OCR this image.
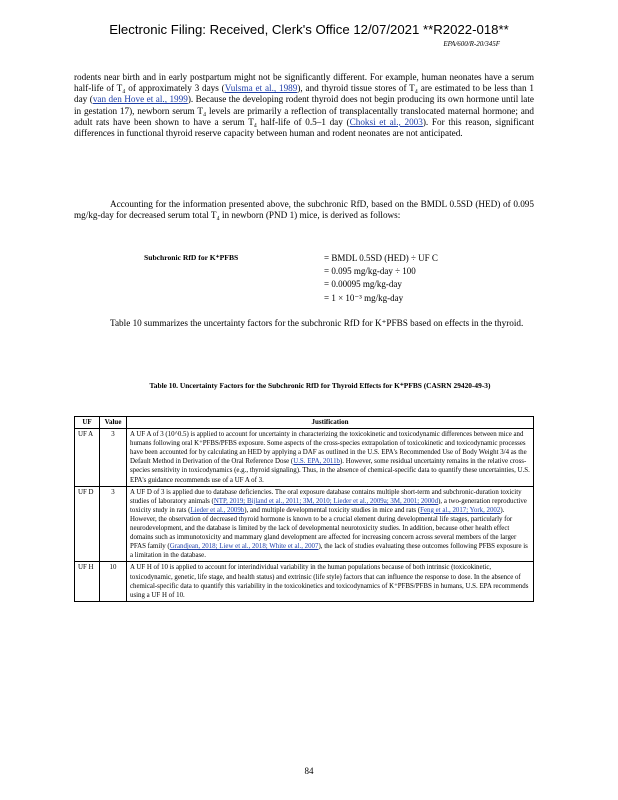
Electronic Filing: Received, Clerk's Office 12/07/2021 **R2022-018**
EPA/600/R-20/345F
rodents near birth and in early postpartum might not be significantly different. For example, human neonates have a serum half-life of T₄ of approximately 3 days (Vulsma et al., 1989), and thyroid tissue stores of T₄ are estimated to be less than 1 day (van den Hove et al., 1999). Because the developing rodent thyroid does not begin producing its own hormone until late in gestation 17), newborn serum T₄ levels are primarily a reflection of transplacentally translocated maternal hormone; and adult rats have been shown to have a serum T₄ half-life of 0.5–1 day (Choksi et al., 2003). For this reason, significant differences in functional thyroid reserve capacity between human and rodent neonates are not anticipated.
Accounting for the information presented above, the subchronic RfD, based on the BMDL 0.5SD (HED) of 0.095 mg/kg-day for decreased serum total T₄ in newborn (PND 1) mice, is derived as follows:
Subchronic RfD for K⁺PFBS	= BMDL 0.5SD (HED) ÷ UF C
= 0.095 mg/kg-day ÷ 100
= 0.00095 mg/kg-day
= 1 × 10⁻³ mg/kg-day
Table 10 summarizes the uncertainty factors for the subchronic RfD for K⁺PFBS based on effects in the thyroid.
Table 10. Uncertainty Factors for the Subchronic RfD for Thyroid Effects for K⁺PFBS (CASRN 29420-49-3)
UF	Value	Justification
UF A	3	A UF A of 3 (10^0.5) is applied to account for uncertainty in characterizing the toxicokinetic and toxicodynamic differences between mice and humans following oral K⁺PFBS/PFBS exposure. Some aspects of the cross-species extrapolation of toxicokinetic and toxicodynamic processes have been accounted for by calculating an HED by applying a DAF as outlined in the U.S. EPA's Recommended Use of Body Weight 3/4 as the Default Method in Derivation of the Oral Reference Dose (U.S. EPA, 2011b). However, some residual uncertainty remains in the relative cross-species sensitivity in toxicodynamics (e.g., thyroid signaling). Thus, in the absence of chemical-specific data to quantify these uncertainties, U.S. EPA's guidance recommends use of a UF A of 3.
UF D	3	A UF D of 3 is applied due to database deficiencies. The oral exposure database contains multiple short-term and subchronic-duration toxicity studies of laboratory animals (NTP, 2019; Bijland et al., 2011; 3M, 2010; Lieder et al., 2009a; 3M, 2001; 2000d), a two-generation reproductive toxicity study in rats (Lieder et al., 2009b), and multiple developmental toxicity studies in mice and rats (Feng et al., 2017; York, 2002). However, the observation of decreased thyroid hormone is known to be a crucial element during developmental life stages, particularly for neurodevelopment, and the database is limited by the lack of developmental neurotoxicity studies. In addition, because other health effect domains such as immunotoxicity and mammary gland development are affected for increasing concern across several members of the larger PFAS family (Grandjean, 2018; Liew et al., 2018; White et al., 2007), the lack of studies evaluating these outcomes following PFBS exposure is a limitation in the database.
UF H	10	A UF H of 10 is applied to account for interindividual variability in the human populations because of both intrinsic (toxicokinetic, toxicodynamic, genetic, life stage, and health status) and extrinsic (life style) factors that can influence the response to dose. In the absence of chemical-specific data to quantify this variability in the toxicokinetics and toxicodynamics of K⁺PFBS/PFBS in humans, U.S. EPA recommends using a UF H of 10.
84
